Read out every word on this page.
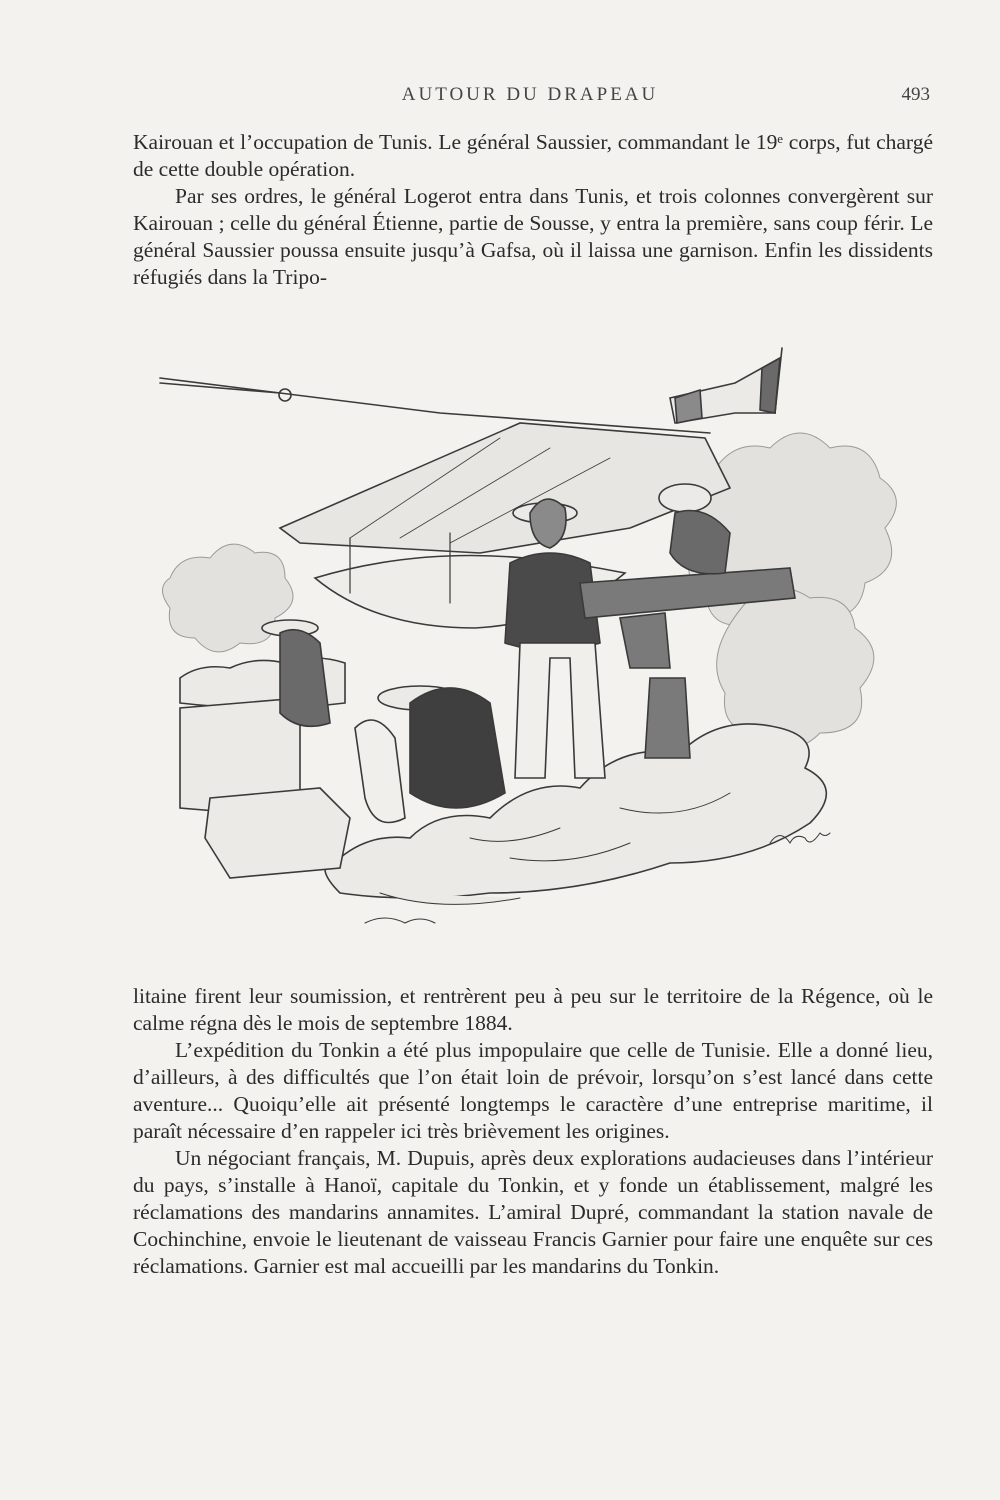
AUTOUR DU DRAPEAU	493

Kairouan et l’occupation de Tunis. Le général Saussier, commandant le 19ᵉ corps, fut chargé de cette double opération.

Par ses ordres, le général Logerot entra dans Tunis, et trois colonnes convergèrent sur Kairouan ; celle du général Étienne, partie de Sousse, y entra la première, sans coup férir. Le général Saussier poussa ensuite jusqu’à Gafsa, où il laissa une garnison. Enfin les dissidents réfugiés dans la Tripo-

litaine firent leur soumission, et rentrèrent peu à peu sur le territoire de la Régence, où le calme régna dès le mois de septembre 1884.

L’expédition du Tonkin a été plus impopulaire que celle de Tunisie. Elle a donné lieu, d’ailleurs, à des difficultés que l’on était loin de prévoir, lorsqu’on s’est lancé dans cette aventure... Quoiqu’elle ait présenté longtemps le caractère d’une entreprise maritime, il paraît nécessaire d’en rappeler ici très brièvement les origines.

Un négociant français, M. Dupuis, après deux explorations audacieuses dans l’intérieur du pays, s’installe à Hanoï, capitale du Tonkin, et y fonde un établissement, malgré les réclamations des mandarins annamites. L’amiral Dupré, commandant la station navale de Cochinchine, envoie le lieutenant de vaisseau Francis Garnier pour faire une enquête sur ces réclamations. Garnier est mal accueilli par les mandarins du Tonkin.
